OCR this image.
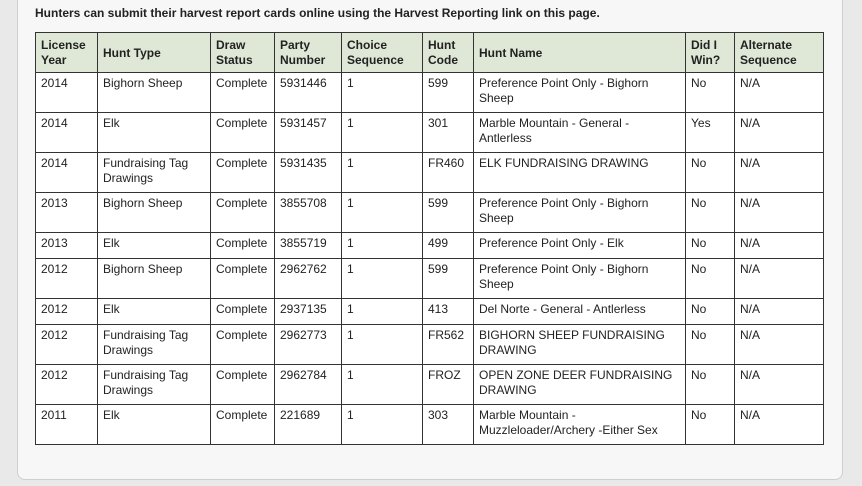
Hunters can submit their harvest report cards online using the Harvest Reporting link on this page.
License Year	Hunt Type	Draw Status	Party Number	Choice Sequence	Hunt Code	Hunt Name	Did I Win?	Alternate Sequence
2014	Bighorn Sheep	Complete	5931446	1	599	Preference Point Only - Bighorn Sheep	No	N/A
2014	Elk	Complete	5931457	1	301	Marble Mountain - General - Antlerless	Yes	N/A
2014	Fundraising Tag Drawings	Complete	5931435	1	FR460	ELK FUNDRAISING DRAWING	No	N/A
2013	Bighorn Sheep	Complete	3855708	1	599	Preference Point Only - Bighorn Sheep	No	N/A
2013	Elk	Complete	3855719	1	499	Preference Point Only - Elk	No	N/A
2012	Bighorn Sheep	Complete	2962762	1	599	Preference Point Only - Bighorn Sheep	No	N/A
2012	Elk	Complete	2937135	1	413	Del Norte - General - Antlerless	No	N/A
2012	Fundraising Tag Drawings	Complete	2962773	1	FR562	BIGHORN SHEEP FUNDRAISING DRAWING	No	N/A
2012	Fundraising Tag Drawings	Complete	2962784	1	FROZ	OPEN ZONE DEER FUNDRAISING DRAWING	No	N/A
2011	Elk	Complete	221689	1	303	Marble Mountain - Muzzleloader/Archery -Either Sex	No	N/A
